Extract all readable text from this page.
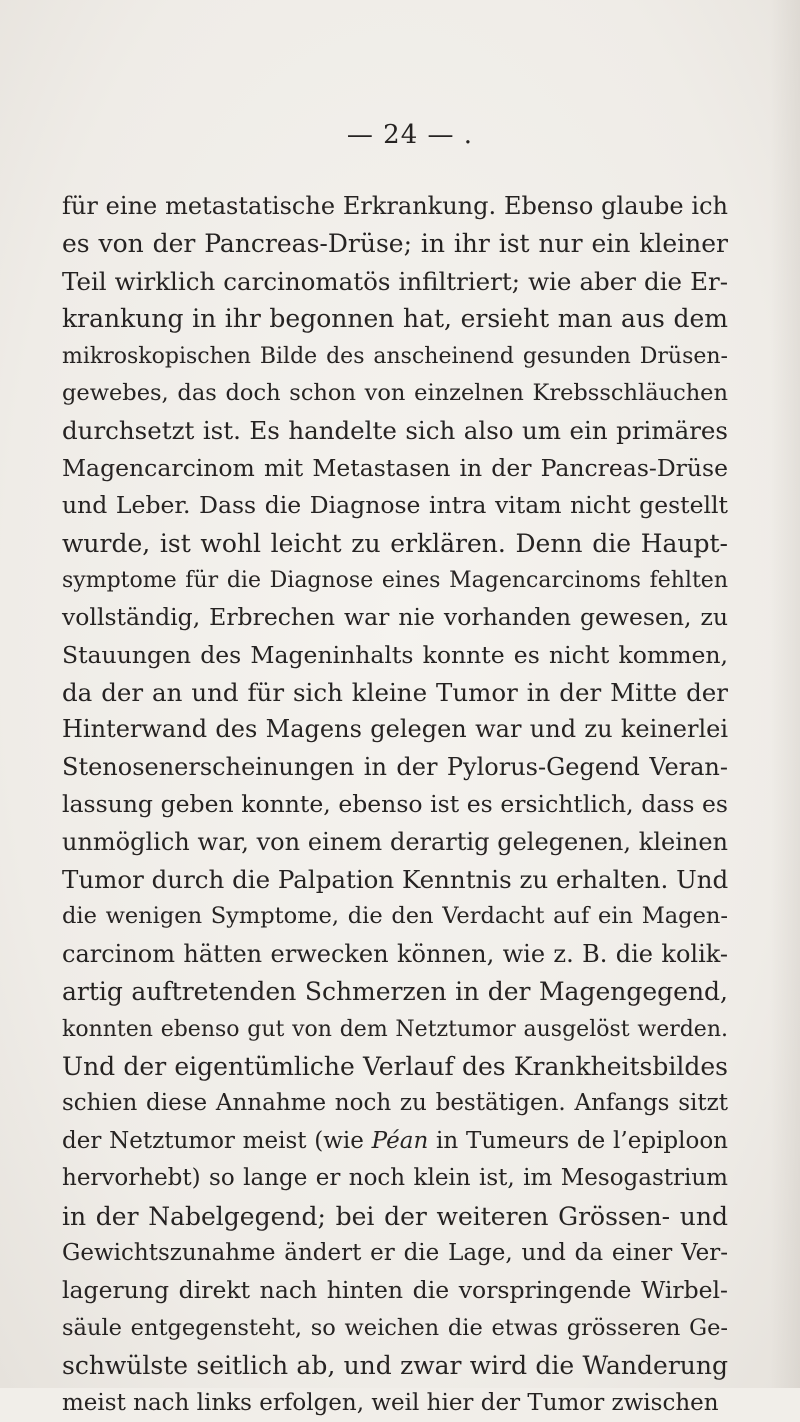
— 24 — .
für eine metastatische Erkrankung. Ebenso glaube ich
es von der Pancreas-Drüse; in ihr ist nur ein kleiner
Teil wirklich carcinomatös infiltriert; wie aber die Er-
krankung in ihr begonnen hat, ersieht man aus dem
mikroskopischen Bilde des anscheinend gesunden Drüsen-
gewebes, das doch schon von einzelnen Krebsschläuchen
durchsetzt ist. Es handelte sich also um ein primäres
Magencarcinom mit Metastasen in der Pancreas-Drüse
und Leber. Dass die Diagnose intra vitam nicht gestellt
wurde, ist wohl leicht zu erklären. Denn die Haupt-
symptome für die Diagnose eines Magencarcinoms fehlten
vollständig, Erbrechen war nie vorhanden gewesen, zu
Stauungen des Mageninhalts konnte es nicht kommen,
da der an und für sich kleine Tumor in der Mitte der
Hinterwand des Magens gelegen war und zu keinerlei
Stenosenerscheinungen in der Pylorus-Gegend Veran-
lassung geben konnte, ebenso ist es ersichtlich, dass es
unmöglich war, von einem derartig gelegenen, kleinen
Tumor durch die Palpation Kenntnis zu erhalten. Und
die wenigen Symptome, die den Verdacht auf ein Magen-
carcinom hätten erwecken können, wie z. B. die kolik-
artig auftretenden Schmerzen in der Magengegend,
konnten ebenso gut von dem Netztumor ausgelöst werden.
Und der eigentümliche Verlauf des Krankheitsbildes
schien diese Annahme noch zu bestätigen. Anfangs sitzt
der Netztumor meist (wie Péan in Tumeurs de l’epiploon
hervorhebt) so lange er noch klein ist, im Mesogastrium
in der Nabelgegend; bei der weiteren Grössen- und
Gewichtszunahme ändert er die Lage, und da einer Ver-
lagerung direkt nach hinten die vorspringende Wirbel-
säule entgegensteht, so weichen die etwas grösseren Ge-
schwülste seitlich ab, und zwar wird die Wanderung
meist nach links erfolgen, weil hier der Tumor zwischen
